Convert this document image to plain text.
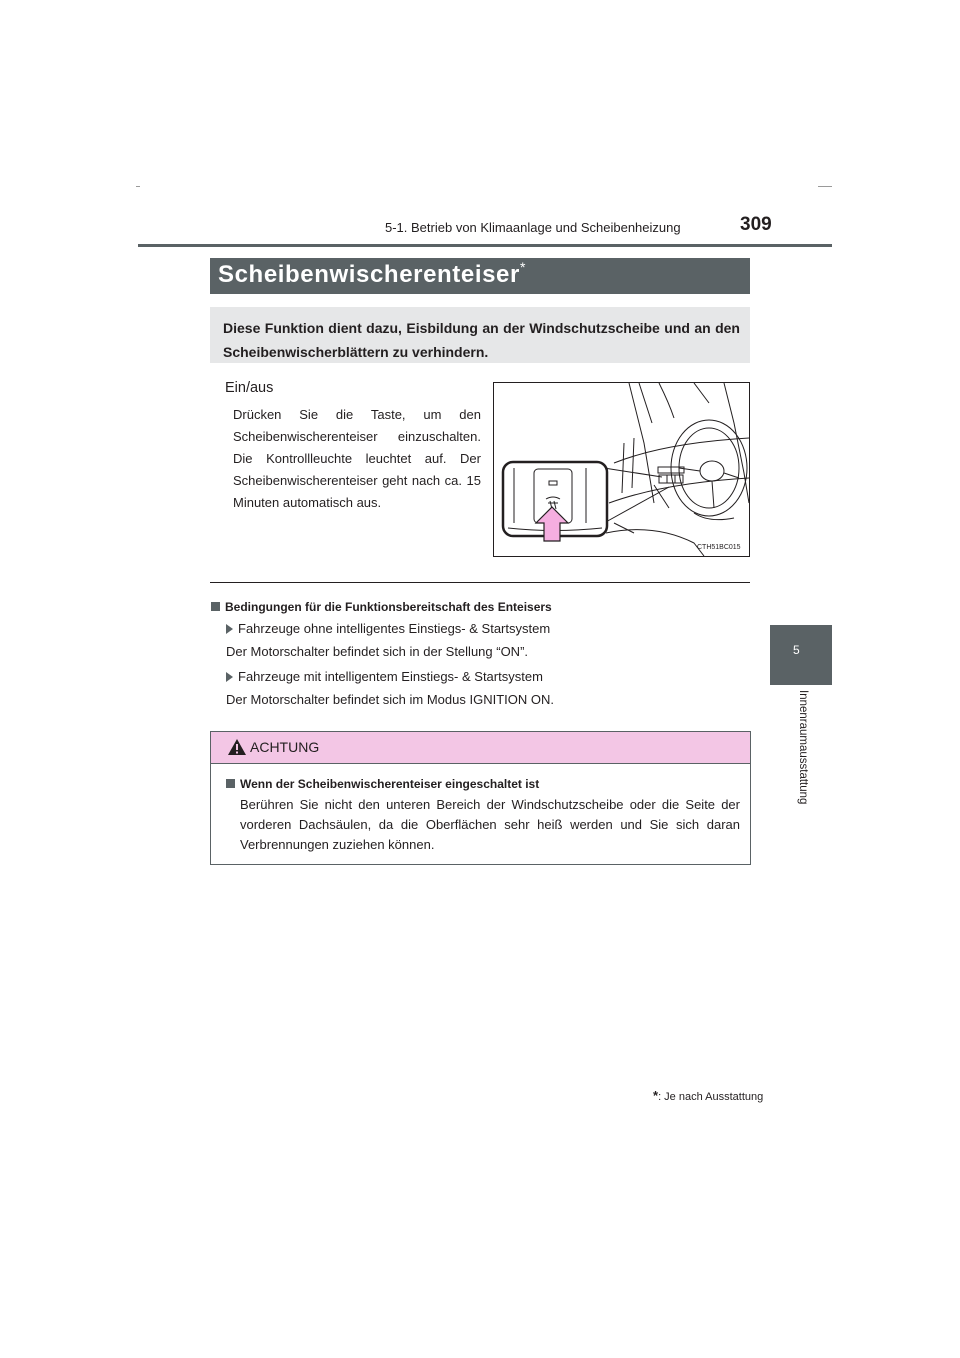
5-1. Betrieb von Klimaanlage und Scheibenheizung	309
5
Innenraumausstattung
Scheibenwischerenteiser*
Diese Funktion dient dazu, Eisbildung an der Windschutzscheibe und an den Scheibenwischerblättern zu verhindern.
Ein/aus
Drücken Sie die Taste, um den Scheibenwischerenteiser einzuschalten. Die Kontrollleuchte leuchtet auf. Der Scheibenwischerenteiser geht nach ca. 15 Minuten automatisch aus.
CTH51BC015
Bedingungen für die Funktionsbereitschaft des Enteisers
Fahrzeuge ohne intelligentes Einstiegs- & Startsystem
Der Motorschalter befindet sich in der Stellung “ON”.
Fahrzeuge mit intelligentem Einstiegs- & Startsystem
Der Motorschalter befindet sich im Modus IGNITION ON.
ACHTUNG
Wenn der Scheibenwischerenteiser eingeschaltet ist
Berühren Sie nicht den unteren Bereich der Windschutzscheibe oder die Seite der vorderen Dachsäulen, da die Oberflächen sehr heiß werden und Sie sich daran Verbrennungen zuziehen können.
*: Je nach Ausstattung
